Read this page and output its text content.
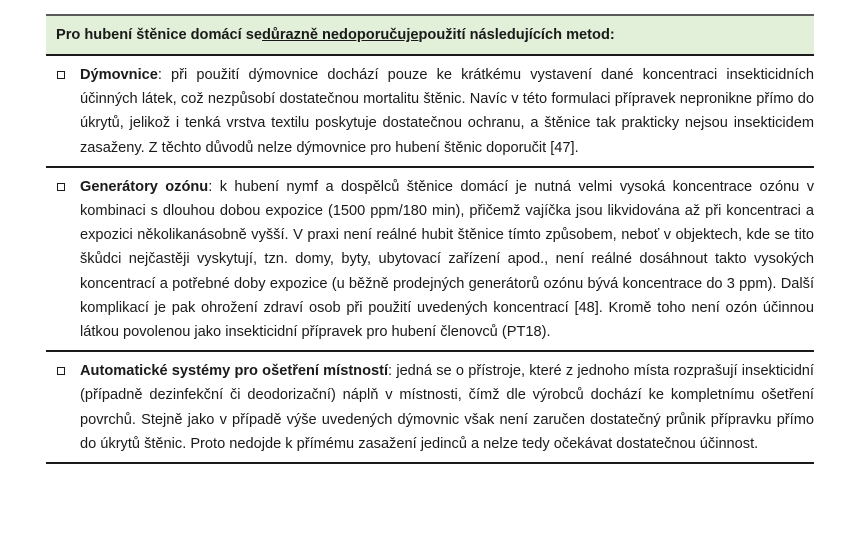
Pro hubení štěnice domácí se důrazně nedoporučuje použití následujících metod:
Dýmovnice: při použití dýmovnice dochází pouze ke krátkému vystavení dané koncentraci insekticidních účinných látek, což nezpůsobí dostatečnou mortalitu štěnic. Navíc v této formulaci přípravek nepronikne přímo do úkrytů, jelikož i tenká vrstva textilu poskytuje dostatečnou ochranu, a štěnice tak prakticky nejsou insekticidem zasaženy. Z těchto důvodů nelze dýmovnice pro hubení štěnic doporučit [47].
Generátory ozónu: k hubení nymf a dospělců štěnice domácí je nutná velmi vysoká koncentrace ozónu v kombinaci s dlouhou dobou expozice (1500 ppm/180 min), přičemž vajíčka jsou likvidována až při koncentraci a expozici několikanásobně vyšší. V praxi není reálné hubit štěnice tímto způsobem, neboť v objektech, kde se tito škůdci nejčastěji vyskytují, tzn. domy, byty, ubytovací zařízení apod., není reálné dosáhnout takto vysokých koncentrací a potřebné doby expozice (u běžně prodejných generátorů ozónu bývá koncentrace do 3 ppm). Další komplikací je pak ohrožení zdraví osob při použití uvedených koncentrací [48]. Kromě toho není ozón účinnou látkou povolenou jako insekticidní přípravek pro hubení členovců (PT18).
Automatické systémy pro ošetření místností: jedná se o přístroje, které z jednoho místa rozprašují insekticidní (případně dezinfekční či deodorizační) náplň v místnosti, čímž dle výrobců dochází ke kompletnímu ošetření povrchů. Stejně jako v případě výše uvedených dýmovnic však není zaručen dostatečný průnik přípravku přímo do úkrytů štěnic. Proto nedojde k přímému zasažení jedinců a nelze tedy očekávat dostatečnou účinnost.
